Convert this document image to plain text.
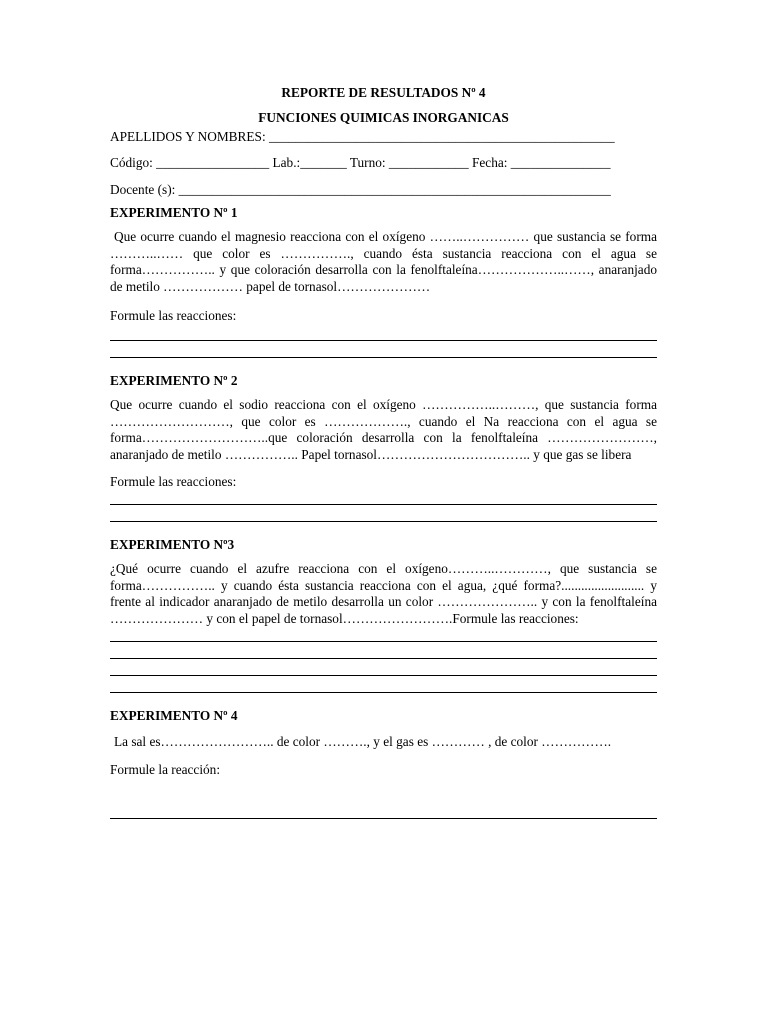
REPORTE DE RESULTADOS Nº 4
FUNCIONES QUIMICAS INORGANICAS
APELLIDOS Y NOMBRES: ____________________________________________________
Código: _________________ Lab.:_______ Turno: ____________ Fecha: _______________
Docente (s): _________________________________________________________________
EXPERIMENTO Nº 1
Que ocurre cuando el magnesio reacciona con el oxígeno ……..…………… que sustancia se forma ………..…… que color es ……………., cuando ésta sustancia reacciona con el agua se forma…………….. y que coloración desarrolla con la fenolftaleína………………..……, anaranjado de metilo ……………… papel de tornasol…………………
Formule las reacciones:
EXPERIMENTO Nº 2
Que ocurre cuando el sodio reacciona con el oxígeno ……………..………, que sustancia forma ………………………, que color es ………………., cuando el Na reacciona con el agua se forma………………………..que coloración desarrolla con la fenolftaleína ……………………, anaranjado de metilo …………….. Papel tornasol…………………………….. y que gas se libera
Formule las reacciones:
EXPERIMENTO Nº3
¿Qué ocurre cuando el azufre reacciona con el oxígeno………..…………, que sustancia se forma…………….. y cuando ésta sustancia reacciona con el agua, ¿qué forma?......................... y frente al indicador anaranjado de metilo desarrolla un color ………………….. y con la fenolftaleína ………………… y con el papel de tornasol…………………….Formule las reacciones:
EXPERIMENTO Nº 4
La sal es…………………….. de color ………., y el gas es ………… , de color …………….
Formule la reacción:
